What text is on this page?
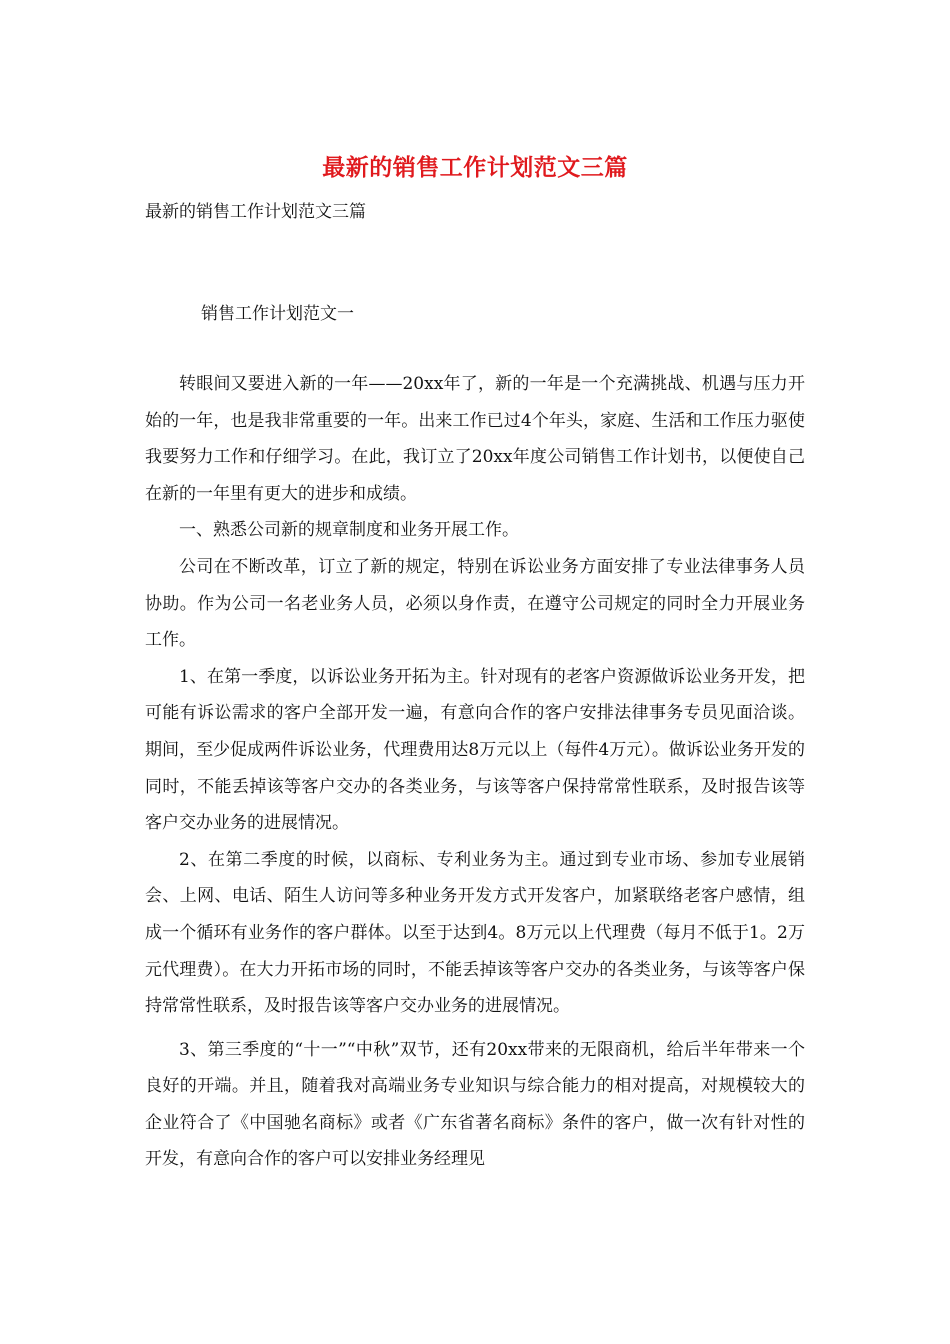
最新的销售工作计划范文三篇
最新的销售工作计划范文三篇
销售工作计划范文一

转眼间又要进入新的一年——20xx年了，新的一年是一个充满挑战、机遇与压力开始的一年，也是我非常重要的一年。出来工作已过4个年头，家庭、生活和工作压力驱使我要努力工作和仔细学习。在此，我订立了20xx年度公司销售工作计划书，以便使自己在新的一年里有更大的进步和成绩。

一、熟悉公司新的规章制度和业务开展工作。

公司在不断改革，订立了新的规定，特别在诉讼业务方面安排了专业法律事务人员协助。作为公司一名老业务人员，必须以身作责，在遵守公司规定的同时全力开展业务工作。

1、在第一季度，以诉讼业务开拓为主。针对现有的老客户资源做诉讼业务开发，把可能有诉讼需求的客户全部开发一遍，有意向合作的客户安排法律事务专员见面洽谈。期间，至少促成两件诉讼业务，代理费用达8万元以上（每件4万元）。做诉讼业务开发的同时，不能丢掉该等客户交办的各类业务，与该等客户保持常常性联系，及时报告该等客户交办业务的进展情况。

2、在第二季度的时候，以商标、专利业务为主。通过到专业市场、参加专业展销会、上网、电话、陌生人访问等多种业务开发方式开发客户，加紧联络老客户感情，组成一个循环有业务作的客户群体。以至于达到4。8万元以上代理费（每月不低于1。2万元代理费）。在大力开拓市场的同时，不能丢掉该等客户交办的各类业务，与该等客户保持常常性联系，及时报告该等客户交办业务的进展情况。

3、第三季度的“十一”“中秋”双节，还有20xx带来的无限商机，给后半年带来一个良好的开端。并且，随着我对高端业务专业知识与综合能力的相对提高，对规模较大的企业符合了《中国驰名商标》或者《广东省著名商标》条件的客户，做一次有针对性的开发，有意向合作的客户可以安排业务经理见
